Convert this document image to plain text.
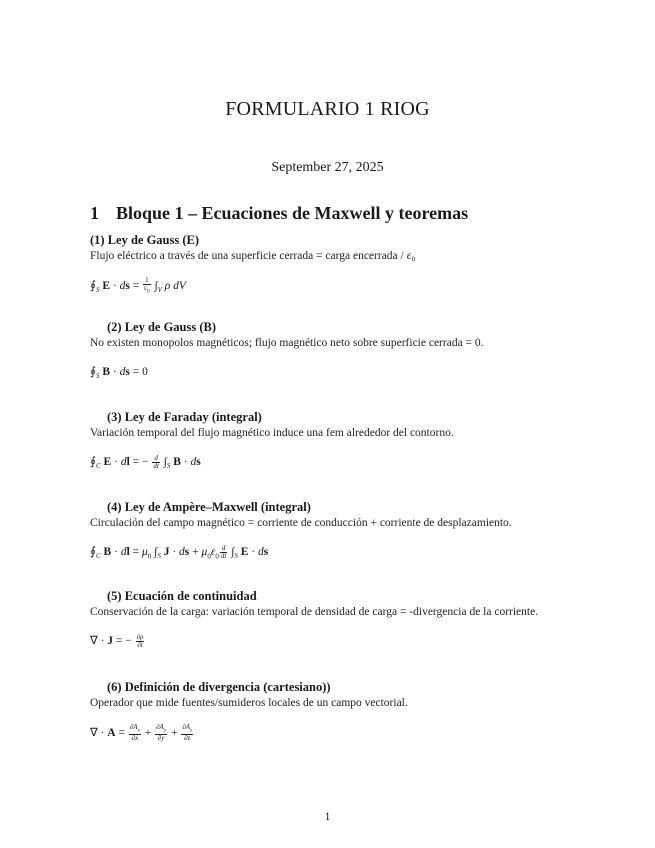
FORMULARIO 1 RIOG
September 27, 2025
1 Bloque 1 – Ecuaciones de Maxwell y teoremas
(1) Ley de Gauss (E)
Flujo eléctrico a través de una superficie cerrada = carga encerrada / ε₀
$∮_S$ E · ds = $\frac{1}{\varepsilon_0} \int_V$ ρ dV
(2) Ley de Gauss (B)
No existen monopolos magnéticos; flujo magnético neto sobre superficie cerrada = 0.
$∮_S$ B · ds = 0
(3) Ley de Faraday (integral)
Variación temporal del flujo magnético induce una fem alrededor del contorno.
$∮_C$ E · dl = − $\frac{d}{dt} \int_S$ B · ds
(4) Ley de Ampère–Maxwell (integral)
Circulación del campo magnético = corriente de conducción + corriente de desplazamiento.
$∮_C$ B · dl = $\mu_0$ $\int_S$ J · ds + $\mu_0\varepsilon_0 \frac{d}{dt} \int_S$ E · ds
(5) Ecuación de continuidad
Conservación de la carga: variación temporal de densidad de carga = -divergencia de la corriente.
∇ · J = − $\frac{\partial\rho}{\partial t}$
(6) Definición de divergencia (cartesiano))
Operador que mide fuentes/sumideros locales de un campo vectorial.
∇ · $A = \frac{\partial A_x}{\partial x} + \frac{\partial A_y}{\partial y} + \frac{\partial A_z}{\partial z}$
1
